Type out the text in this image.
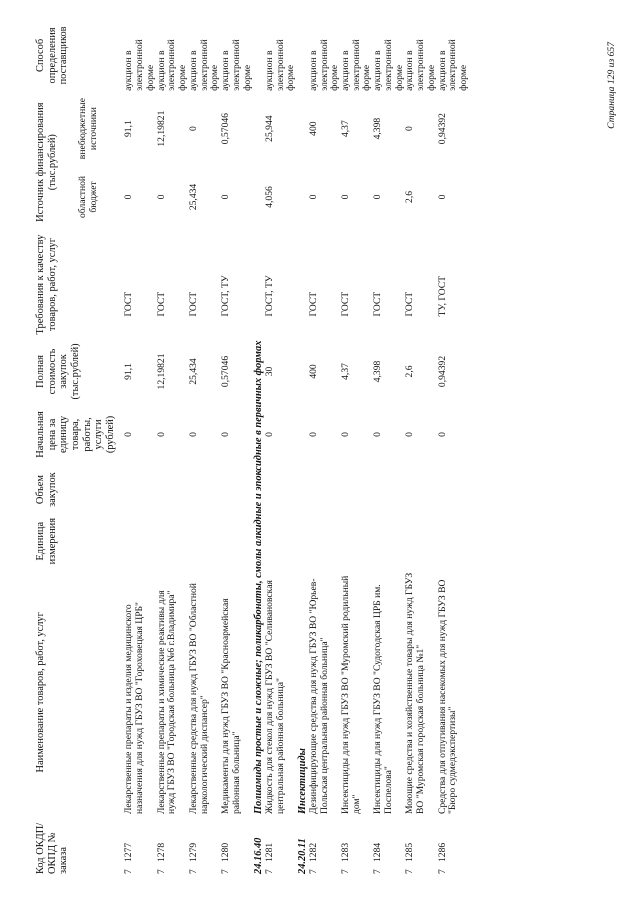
Код ОКДП/ ОКПД № заказа	Наименование товаров, работ, услуг	Единица измерения	Объем закупок	Начальная цена за единицу товара, работы, услуги (рублей)	Полная стоимость закупок (тыс.рублей)	Требования к качеству товаров, работ, услуг	Источник финансирования (тыс.рублей)		Способ определения поставщиков
							областной бюджет	внебюджетные источники	
71277	Лекарственные препараты и изделия медицинского назначения для нужд ГБУЗ ВО "Гороховецкая ЦРБ"			0	91,1	ГОСТ	0	91,1	аукцион в электронной форме
71278	Лекарственные препараты и химические реактивы для нужд ГБУЗ ВО "Городская больница №6 г.Владимира"			0	12,19821	ГОСТ	0	12,19821	аукцион в электронной форме
71279	Лекарственные средства для нужд ГБУЗ ВО "Областной наркологический диспансер"			0	25,434	ГОСТ	25,434	0	аукцион в электронной форме
71280	Медикаменты для нужд ГБУЗ ВО "Красноармейская районная больница"			0	0,57046	ГОСТ, ТУ	0	0,57046	аукцион в электронной форме
24.16.40	Полиамиды простые и сложные; поликарбонаты, смолы алкидные и эпоксидные в первичных формах								
71281	Жидкость для стекол для нужд ГБУЗ ВО "Селивановская центральная районная больница"			0	30	ГОСТ, ТУ	4,056	25,944	аукцион в электронной форме
24.20.11	Инсектициды								
71282	Дезинфицирующие средства для нужд ГБУЗ ВО "Юрьев-Польская центральная районная больница"			0	400	ГОСТ	0	400	аукцион в электронной форме
71283	Инсектициды для нужд ГБУЗ ВО "Муромский родильный дом"			0	4,37	ГОСТ	0	4,37	аукцион в электронной форме
71284	Инсектициды для нужд ГБУЗ ВО "Судогодская ЦРБ им. Поспелова"			0	4,398	ГОСТ	0	4,398	аукцион в электронной форме
71285	Моющие средства и хозяйственные товары для нужд ГБУЗ ВО "Муромская городская больница №1"			0	2,6	ГОСТ	2,6	0	аукцион в электронной форме
71286	Средства для отпугивания насекомых для нужд ГБУЗ ВО "Бюро судмедэкспертизы"			0	0,94392	ТУ, ГОСТ	0	0,94392	аукцион в электронной форме	Страница 129 из 657
